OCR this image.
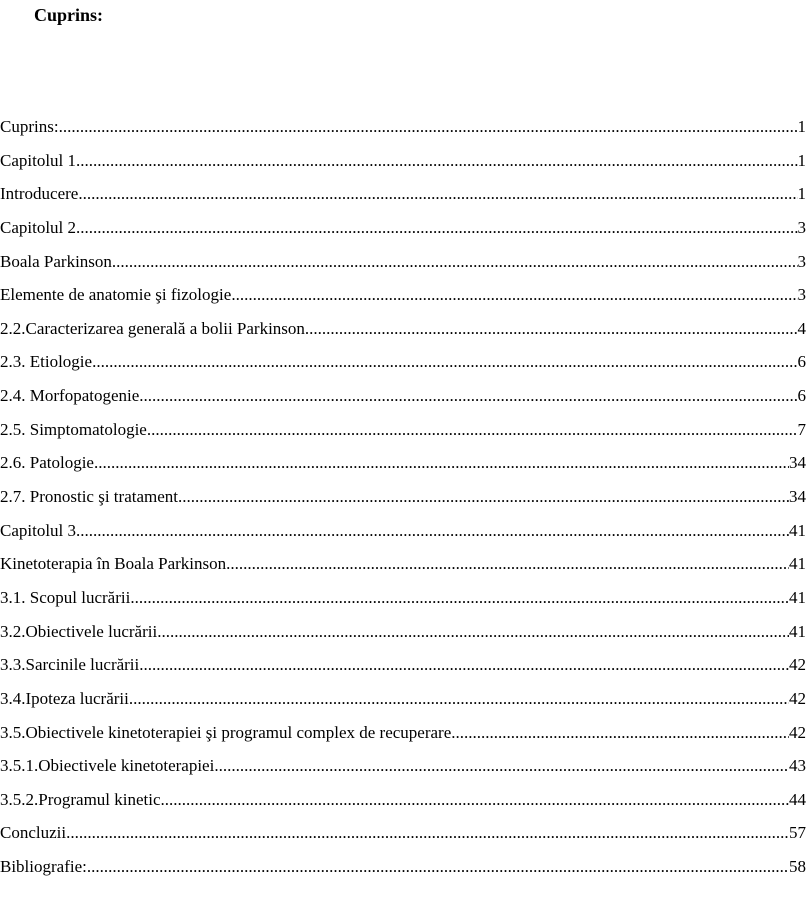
Cuprins:
Cuprins: .....	1
Capitolul 1 .....	1
Introducere .....	1
Capitolul 2 .....	3
Boala Parkinson .....	3
Elemente de anatomie şi fizologie .....	3
2.2.Caracterizarea generală a bolii Parkinson .....	4
2.3. Etiologie .....	6
2.4. Morfopatogenie .....	6
2.5. Simptomatologie .....	7
2.6. Patologie .....	34
2.7. Pronostic şi tratament .....	34
Capitolul 3 .....	41
Kinetoterapia în Boala Parkinson .....	41
3.1. Scopul lucrării .....	41
3.2.Obiectivele lucrării .....	41
3.3.Sarcinile lucrării .....	42
3.4.Ipoteza lucrării .....	42
3.5.Obiectivele kinetoterapiei şi programul complex de recuperare .....	42
3.5.1.Obiectivele kinetoterapiei .....	43
3.5.2.Programul kinetic .....	44
Concluzii .....	57
Bibliografie: .....	58
